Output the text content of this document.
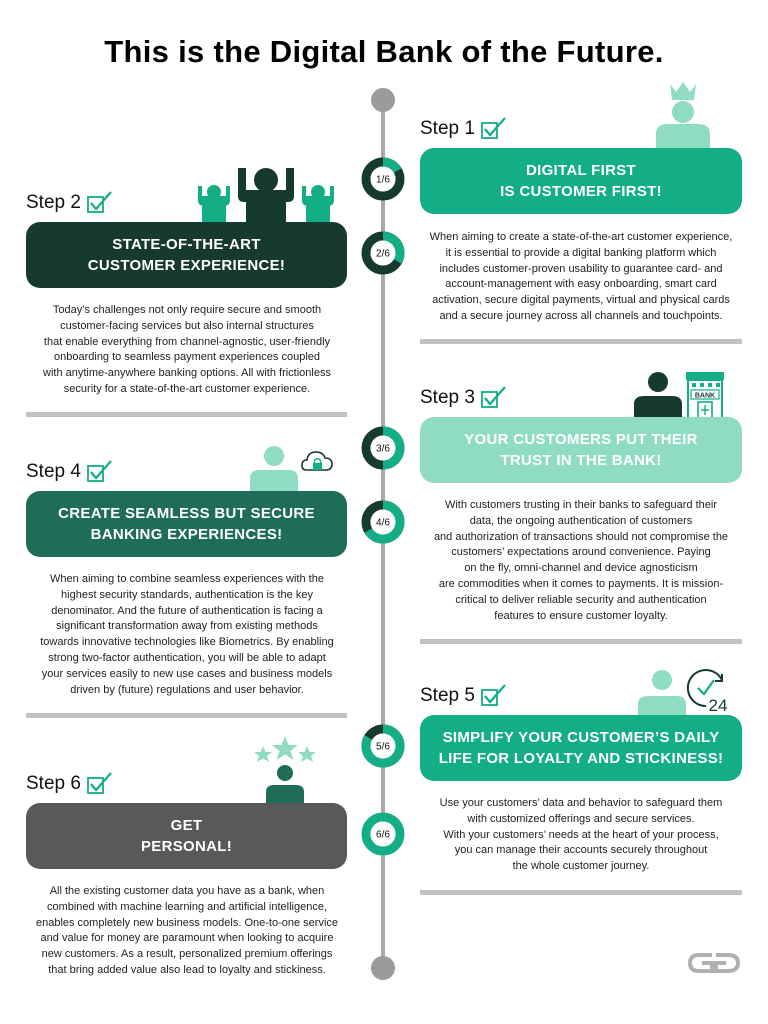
This is the Digital Bank of the Future.
1/6
2/6
3/6
4/6
5/6
6/6
Step 1
DIGITAL FIRST
IS CUSTOMER FIRST!
When aiming to create a state-of-the-art customer experience,
it is essential to provide a digital banking platform which
includes customer-proven usability to guarantee card- and
account-management with easy onboarding, smart card
activation, secure digital payments, virtual and physical cards
and a secure journey across all channels and touchpoints.
Step 2
STATE-OF-THE-ART
CUSTOMER EXPERIENCE!
Today’s challenges not only require secure and smooth
customer-facing services but also internal structures
that enable everything from channel-agnostic, user-friendly
onboarding to seamless payment experiences coupled
with anytime-anywhere banking options. All with frictionless
security for a state-of-the-art customer experience.
BANK
Step 3
YOUR CUSTOMERS PUT THEIR
TRUST IN THE BANK!
With customers trusting in their banks to safeguard their
data, the ongoing authentication of customers
and authorization of transactions should not compromise the
customers’ expectations around convenience. Paying
on the fly, omni-channel and device agnosticism
are commodities when it comes to payments. It is mission-
critical to deliver reliable security and authentication
features to ensure customer loyalty.
Step 4
CREATE SEAMLESS BUT SECURE
BANKING EXPERIENCES!
When aiming to combine seamless experiences with the
highest security standards, authentication is the key
denominator. And the future of authentication is facing a
significant transformation away from existing methods
towards innovative technologies like Biometrics. By enabling
strong two-factor authentication, you will be able to adapt
your services easily to new use cases and business models
driven by (future) regulations and user behavior.
24
Step 5
SIMPLIFY YOUR CUSTOMER’S DAILY
LIFE FOR LOYALTY AND STICKINESS!
Use your customers’ data and behavior to safeguard them
with customized offerings and secure services.
With your customers’ needs at the heart of your process,
you can manage their accounts securely throughout
the whole customer journey.
Step 6
GET
PERSONAL!
All the existing customer data you have as a bank, when
combined with machine learning and artificial intelligence,
enables completely new business models. One-to-one service
and value for money are paramount when looking to acquire
new customers. As a result, personalized premium offerings
that bring added value also lead to loyalty and stickiness.
